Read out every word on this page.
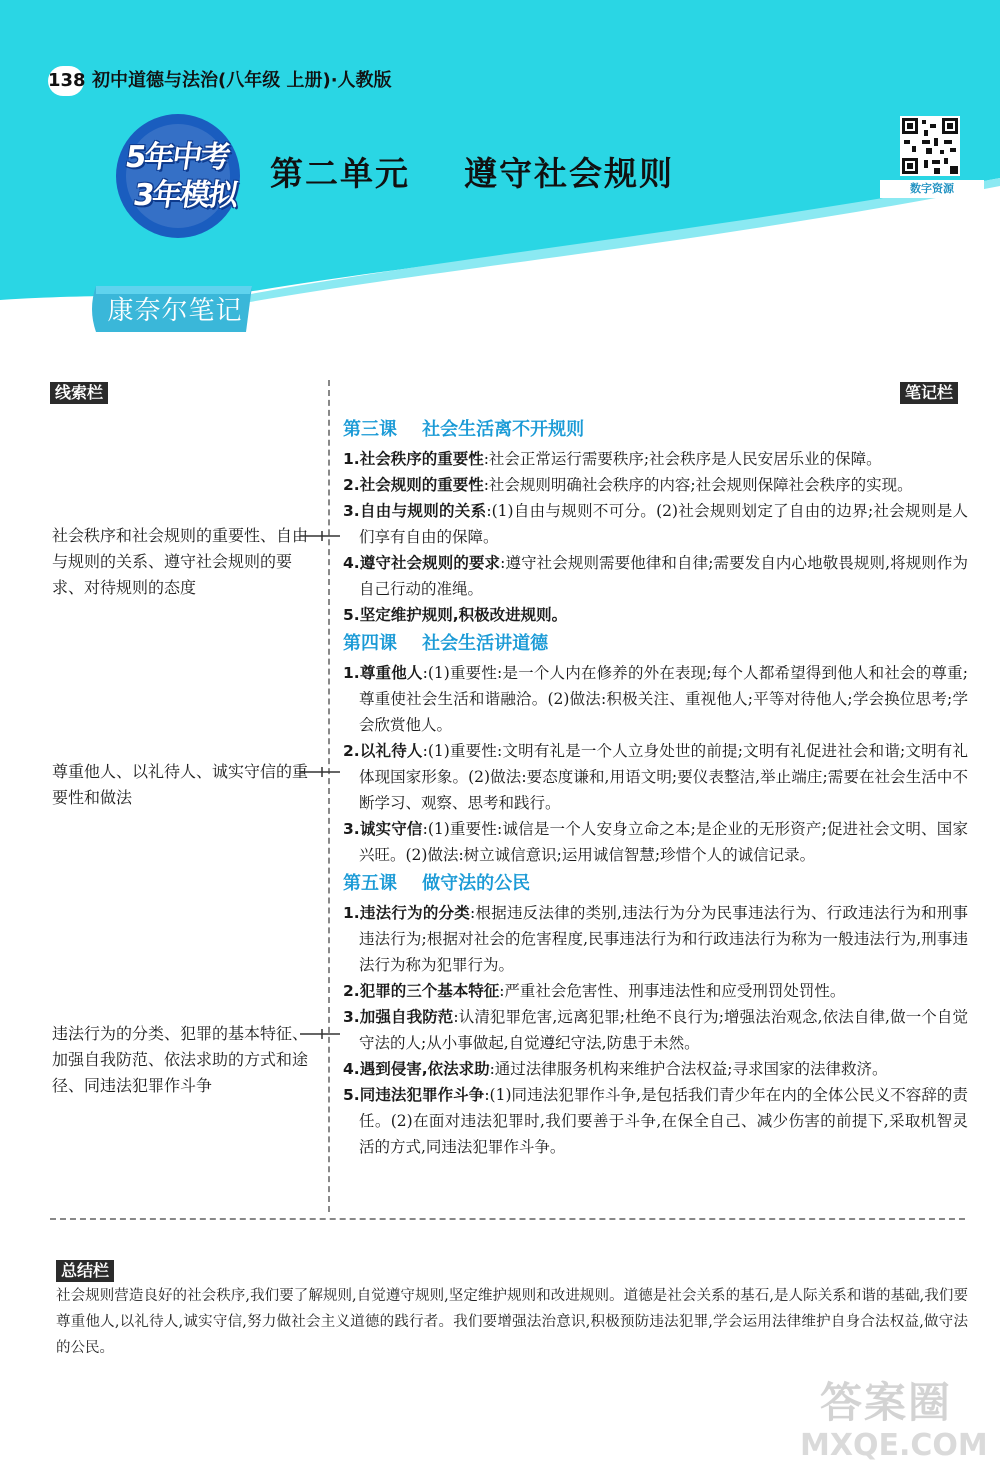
138 初中道德与法治(八年级 上册)·人教版
5年中考
3年模拟
第二单元    遵守社会规则	数字资源
康奈尔笔记
线索栏	笔记栏
社会秩序和社会规则的重要性、自由与规则的关系、遵守社会规则的要求、对待规则的态度
尊重他人、以礼待人、诚实守信的重要性和做法
违法行为的分类、犯罪的基本特征、加强自我防范、依法求助的方式和途径、同违法犯罪作斗争
第三课    社会生活离不开规则
1.社会秩序的重要性:社会正常运行需要秩序;社会秩序是人民安居乐业的保障。
2.社会规则的重要性:社会规则明确社会秩序的内容;社会规则保障社会秩序的实现。
3.自由与规则的关系:(1)自由与规则不可分。(2)社会规则划定了自由的边界;社会规则是人们享有自由的保障。
4.遵守社会规则的要求:遵守社会规则需要他律和自律;需要发自内心地敬畏规则,将规则作为自己行动的准绳。
5.坚定维护规则,积极改进规则。
第四课    社会生活讲道德
1.尊重他人:(1)重要性:是一个人内在修养的外在表现;每个人都希望得到他人和社会的尊重;尊重使社会生活和谐融洽。(2)做法:积极关注、重视他人;平等对待他人;学会换位思考;学会欣赏他人。
2.以礼待人:(1)重要性:文明有礼是一个人立身处世的前提;文明有礼促进社会和谐;文明有礼体现国家形象。(2)做法:要态度谦和,用语文明;要仪表整洁,举止端庄;需要在社会生活中不断学习、观察、思考和践行。
3.诚实守信:(1)重要性:诚信是一个人安身立命之本;是企业的无形资产;促进社会文明、国家兴旺。(2)做法:树立诚信意识;运用诚信智慧;珍惜个人的诚信记录。
第五课    做守法的公民
1.违法行为的分类:根据违反法律的类别,违法行为分为民事违法行为、行政违法行为和刑事违法行为;根据对社会的危害程度,民事违法行为和行政违法行为称为一般违法行为,刑事违法行为称为犯罪行为。
2.犯罪的三个基本特征:严重社会危害性、刑事违法性和应受刑罚处罚性。
3.加强自我防范:认清犯罪危害,远离犯罪;杜绝不良行为;增强法治观念,依法自律,做一个自觉守法的人;从小事做起,自觉遵纪守法,防患于未然。
4.遇到侵害,依法求助:通过法律服务机构来维护合法权益;寻求国家的法律救济。
5.同违法犯罪作斗争:(1)同违法犯罪作斗争,是包括我们青少年在内的全体公民义不容辞的责任。(2)在面对违法犯罪时,我们要善于斗争,在保全自己、减少伤害的前提下,采取机智灵活的方式,同违法犯罪作斗争。
总结栏
社会规则营造良好的社会秩序,我们要了解规则,自觉遵守规则,坚定维护规则和改进规则。道德是社会关系的基石,是人际关系和谐的基础,我们要尊重他人,以礼待人,诚实守信,努力做社会主义道德的践行者。我们要增强法治意识,积极预防违法犯罪,学会运用法律维护自身合法权益,做守法的公民。
答案圈
MXQE.COM
